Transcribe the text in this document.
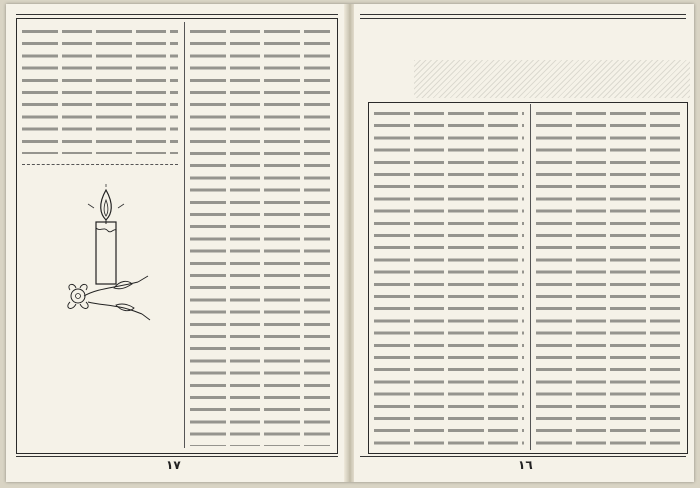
١٧	١٦
